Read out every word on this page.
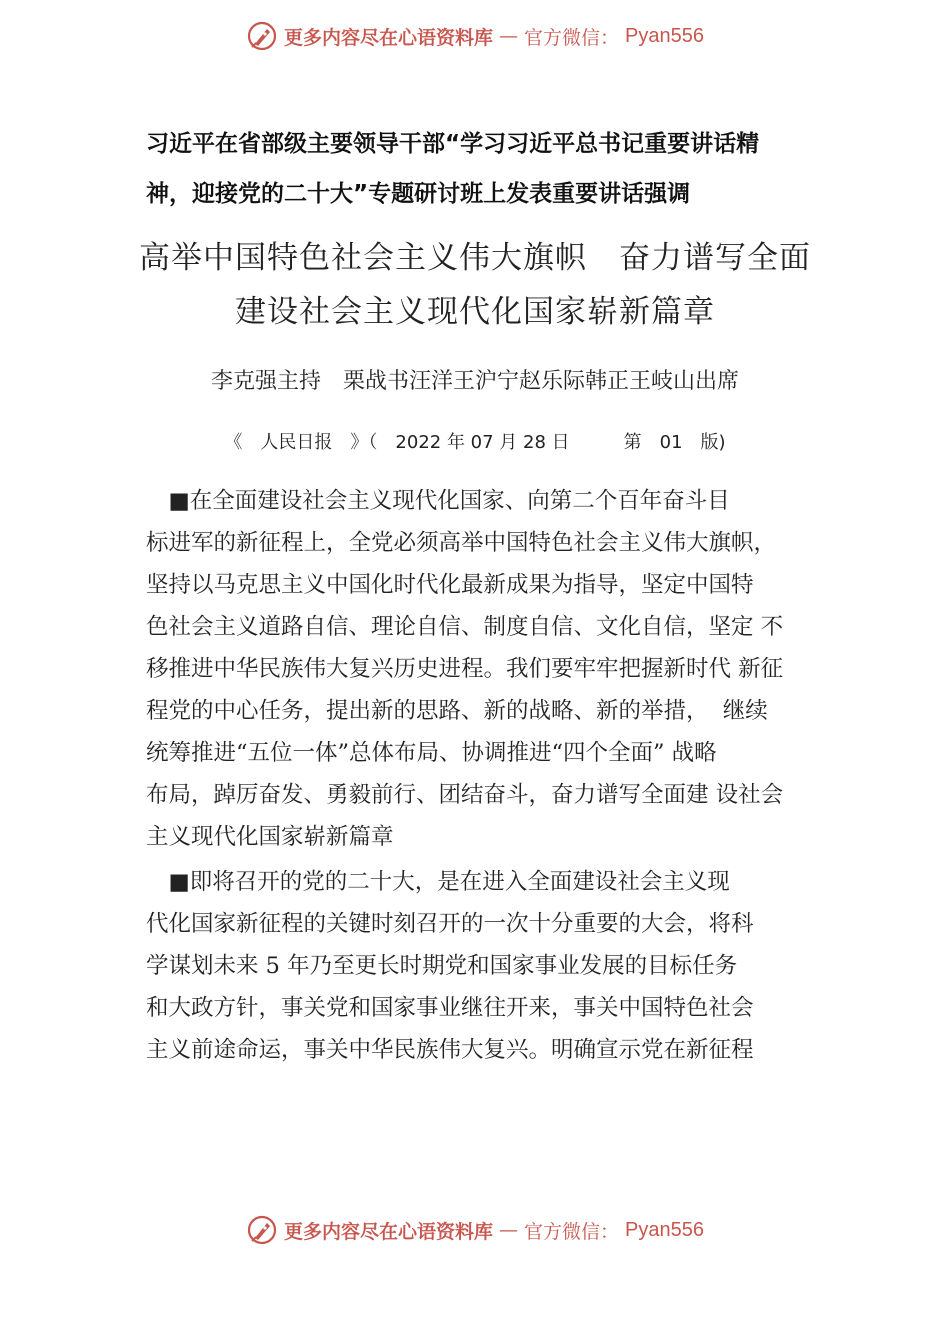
更多内容尽在心语资料库 — 官方微信： Pyan556
习近平在省部级主要领导干部“学习习近平总书记重要讲话精
神，迎接党的二十大”专题研讨班上发表重要讲话强调
高举中国特色社会主义伟大旗帜　奋力谱写全面
建设社会主义现代化国家崭新篇章
李克强主持　栗战书汪洋王沪宁赵乐际韩正王岐山出席
《　人民日报　》（　2022 年 07 月 28 日　　　第　01　版)
　■在全面建设社会主义现代化国家、向第二个百年奋斗目
标进军的新征程上，全党必须高举中国特色社会主义伟大旗帜，
坚持以马克思主义中国化时代化最新成果为指导，坚定中国特
色社会主义道路自信、理论自信、制度自信、文化自信，坚定 不
移推进中华民族伟大复兴历史进程。我们要牢牢把握新时代 新征
程党的中心任务，提出新的思路、新的战略、新的举措，  继续
统筹推进“五位一体”总体布局、协调推进“四个全面” 战略
布局，踔厉奋发、勇毅前行、团结奋斗，奋力谱写全面建 设社会
主义现代化国家崭新篇章
　■即将召开的党的二十大，是在进入全面建设社会主义现
代化国家新征程的关键时刻召开的一次十分重要的大会，将科
学谋划未来 5 年乃至更长时期党和国家事业发展的目标任务
和大政方针，事关党和国家事业继往开来，事关中国特色社会
主义前途命运，事关中华民族伟大复兴。明确宣示党在新征程
更多内容尽在心语资料库 — 官方微信： Pyan556
